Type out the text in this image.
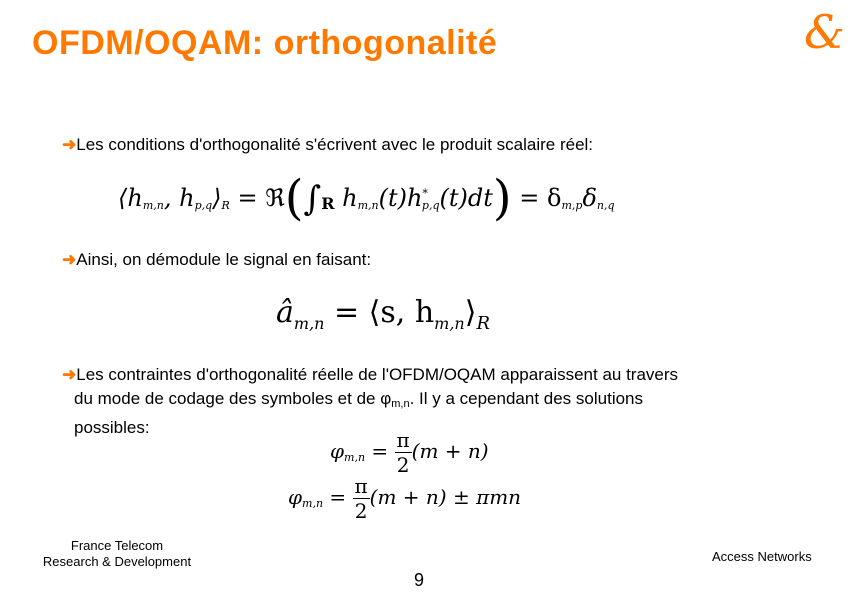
OFDM/OQAM: orthogonalité	&
➜Les conditions d'orthogonalité s'écrivent avec le produit scalaire réel:
$⟨h_{m,n}$, $h_{p,q}⟩_R$ = $ℜ(\int_R$ $h_{m,n}(t)h^*_{p,q}(t)dt) = \delta_{m,p}\delta_{n,q}$
➜Ainsi, on démodule le signal en faisant:
$â_{m,n}$ = ⟨s, $h_{m,n}⟩_R$
➜Les contraintes d'orthogonalité réelle de l'OFDM/OQAM apparaissent au travers
du mode de codage des symboles et de $\varphi_{m,n}$. Il y a cependant des solutions
possibles:
$\varphi_{m,n} = \frac{\pi}{2} (m + n)$
$\varphi_{m,n} = \frac{\pi}{2} (m + n) \pm \pi mn$
France Telecom
Research & Development	Access Networks
9
